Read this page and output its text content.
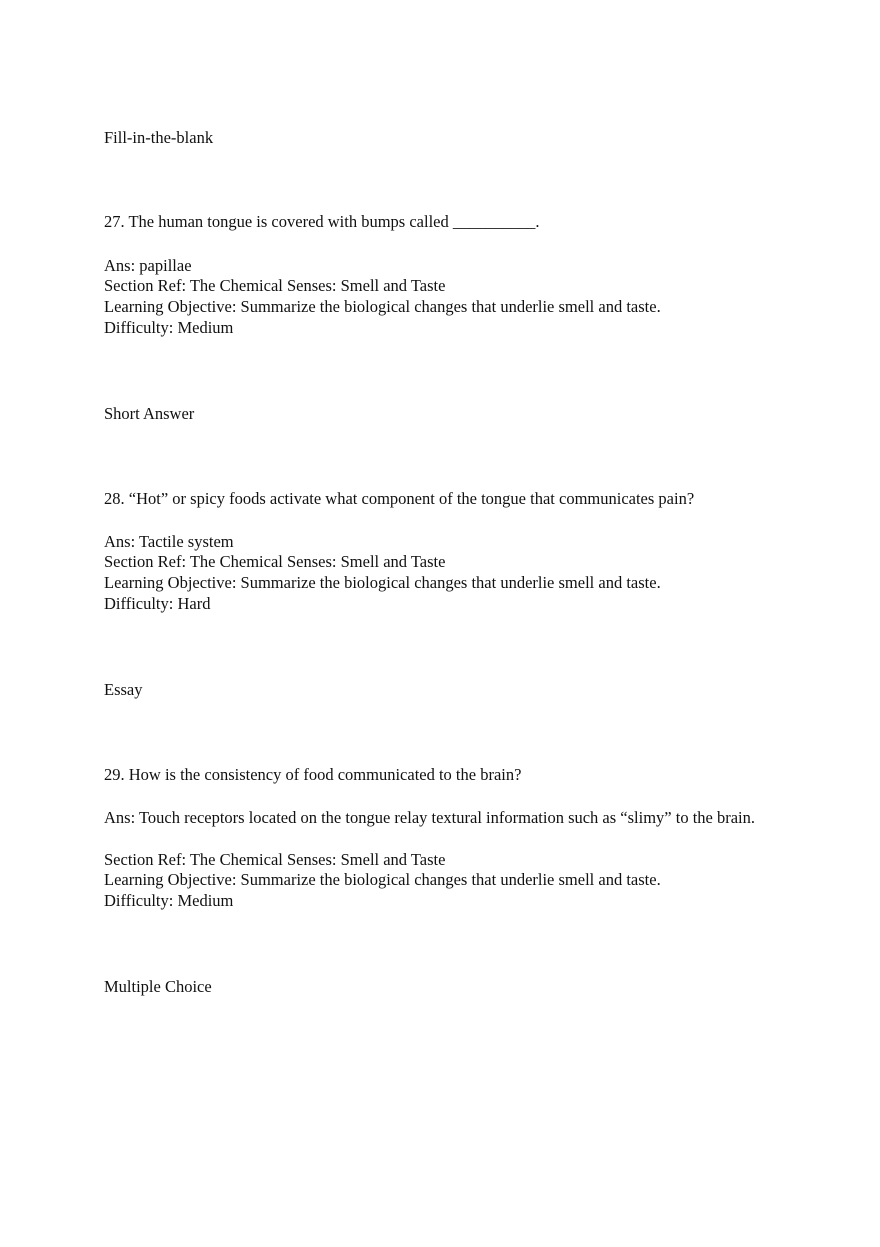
Fill-in-the-blank
27. The human tongue is covered with bumps called __________.
Ans: papillae
Section Ref: The Chemical Senses: Smell and Taste
Learning Objective: Summarize the biological changes that underlie smell and taste.
Difficulty: Medium
Short Answer
28. “Hot” or spicy foods activate what component of the tongue that communicates pain?
Ans: Tactile system
Section Ref: The Chemical Senses: Smell and Taste
Learning Objective: Summarize the biological changes that underlie smell and taste.
Difficulty: Hard
Essay
29. How is the consistency of food communicated to the brain?
Ans: Touch receptors located on the tongue relay textural information such as “slimy” to the brain.
Section Ref: The Chemical Senses: Smell and Taste
Learning Objective: Summarize the biological changes that underlie smell and taste.
Difficulty: Medium
Multiple Choice
